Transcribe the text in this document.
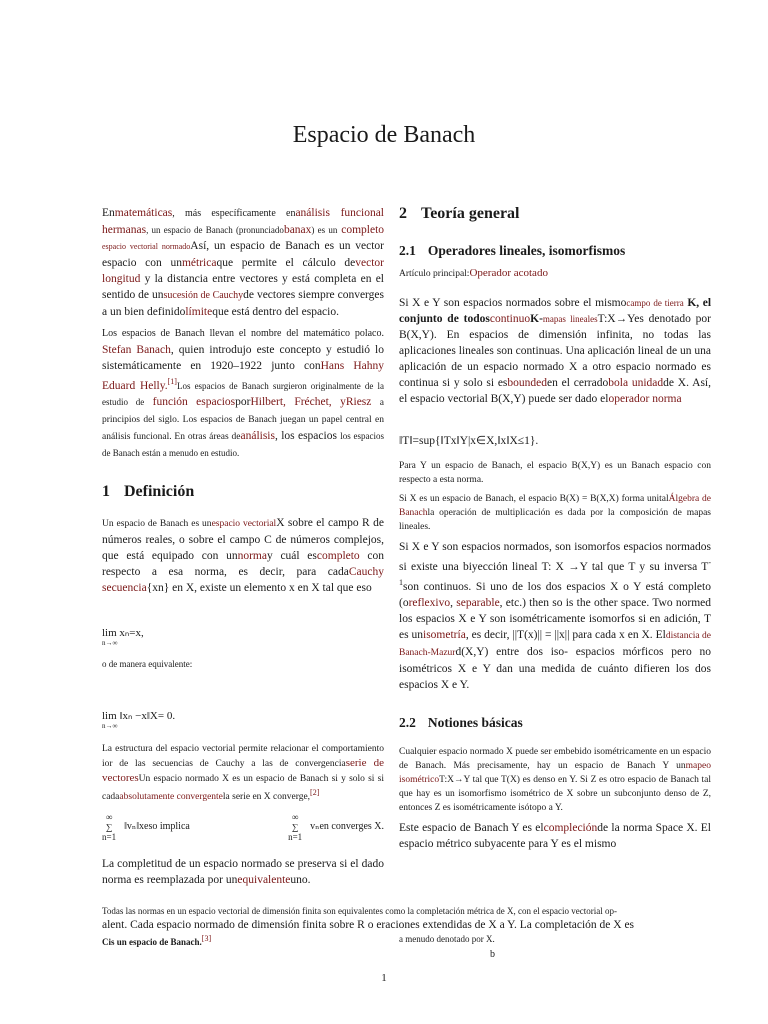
Espacio de Banach

Enmatemáticas, más específicamente enanálisis funcional hermanas, un espacio de Banach (pronunciadobanax) es un completo espacio vectorial normadoAsí, un espacio de Banach es un vector espacio con unmétricaque permite el cálculo devector longitud y la distancia entre vectores y está completa en el sentido de unsucesión de Cauchyde vectores siempre converges a un bien definidolímiteque está dentro del espacio.

Los espacios de Banach llevan el nombre del matemático polaco. Stefan Banach, quien introdujo este concepto y estudió lo sistemáticamente en 1920–1922 junto conHans Hahny Eduard Helly.[1]Los espacios de Banach surgieron originalmente de la estudio de función espaciosporHilbert, Fréchet, yRiesz a principios del siglo. Los espacios de Banach juegan un papel central en análisis funcional. En otras áreas deanálisis, los espacios los espacios de Banach están a menudo en estudio.

1 Definición

Un espacio de Banach es unespacio vectorialX sobre el campo R de números reales, o sobre el campo C de números complejos, que está equipado con unnormay cuál escompleto con respecto a esa norma, es decir, para cadaCauchy secuencia{xn} en X, existe un elemento x en X tal que eso

lim xₙ=x,
n→∞
o de manera equivalente:
lim ‖xₙ −x‖X= 0.
n→∞

La estructura del espacio vectorial permite relacionar el comportamiento ior de las secuencias de Cauchy a las de convergenciaserie de vectoresUn espacio normado X es un espacio de Banach si y solo si si cadaabsolutamente convergentela serie en X converge,[2]

∞
∑
n=1
‖vₙ‖xeso implica
∞
∑
n=1
vₙen converges X.

La completitud de un espacio normado se preserva si el dado norma es reemplazada por unequivalenteuno.

2 Teoría general
2.1 Operadores lineales, isomorfismos
Artículo principal:Operador acotado

Si X e Y son espacios normados sobre el mismocampo de tierra K, el conjunto de todoscontinuoK-mapas linealesT:X→Yes denotado por B(X,Y). En espacios de dimensión infinita, no todas las aplicaciones lineales son continuas. Una aplicación lineal de un una aplicación de un espacio normado X a otro espacio normado es continua si y solo si esboundeden el cerradobola unidadde X. Así, el espacio vectorial B(X,Y) puede ser dado eloperador norma

‖T‖=sup{‖Tx‖Y|x∈X,‖x‖X≤1}.

Para Y un espacio de Banach, el espacio B(X,Y) es un Banach espacio con respecto a esta norma.

Si X es un espacio de Banach, el espacio B(X) = B(X,X) forma unitalÁlgebra de Banachla operación de multiplicación es dada por la composición de mapas lineales.

Si X e Y son espacios normados, son isomorfos espacios normados si existe una biyección lineal T: X →Y tal que T y su inversa $T^{-1}son$ continuos. Si uno de los dos espacios X o Y está completo (oreflexivo, separable, etc.) then so is the other space. Two normed los espacios X e Y son isométricamente isomorfos si en adición, T es unisometría, es decir, ||T(x)|| = ||x|| para cada x en X. Eldistancia de Banach-Mazurd(X,Y) entre dos iso- espacios mórficos pero no isométricos X e Y dan una medida de cuánto difieren los dos espacios X e Y.

2.2 Notiones básicas

Cualquier espacio normado X puede ser embebido isométricamente en un espacio de Banach. Más precisamente, hay un espacio de Banach Y unmapeo isométricoT:X→Y tal que T(X) es denso en Y. Si Z es otro espacio de Banach tal que hay es un isomorfismo isométrico de X sobre un subconjunto denso de Z, entonces Z es isométricamente isótopo a Y.

Este espacio de Banach Y es elcompleciónde la norma Space X. El espacio métrico subyacente para Y es el mismo

Todas las normas en un espacio vectorial de dimensión finita son equivalentes como la completación métrica de X, con el espacio vectorial op-
alent. Cada espacio normado de dimensión finita sobre R o eraciones extendidas de X a Y. La completación de X es
Cis un espacio de Banach.[3]	a menudo denotado por X.
b
1
